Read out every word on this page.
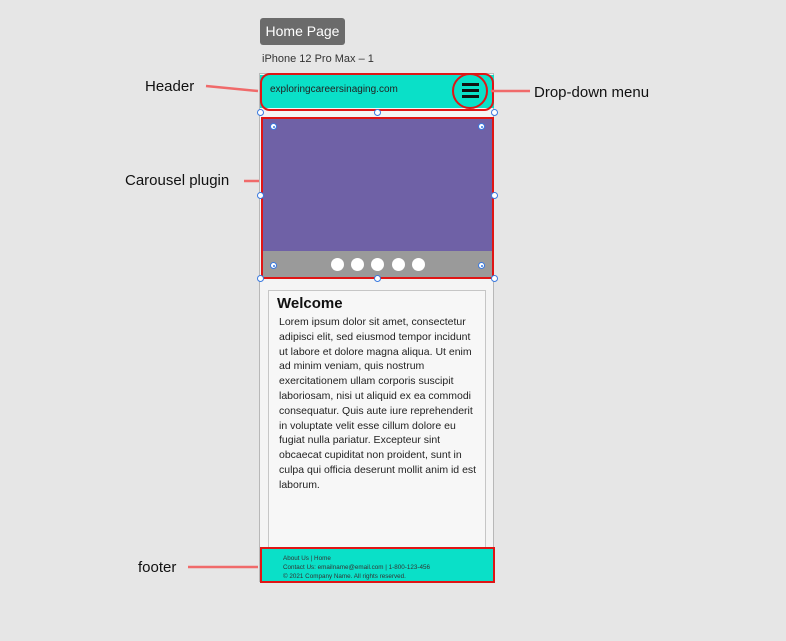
Home Page
iPhone 12 Pro Max – 1
exploringcareersinaging.com
Welcome
Lorem ipsum dolor sit amet, consectetur adipisci elit, sed eiusmod tempor incidunt ut labore et dolore magna aliqua. Ut enim ad minim veniam, quis nostrum exercitationem ullam corporis suscipit laboriosam, nisi ut aliquid ex ea commodi consequatur. Quis aute iure reprehenderit in voluptate velit esse cillum dolore eu fugiat nulla pariatur. Excepteur sint obcaecat cupiditat non proident, sunt in culpa qui officia deserunt mollit anim id est laborum.
About Us | Home
Contact Us: emailname@email.com | 1-800-123-456
© 2021 Company Name. All rights reserved.
Header	Drop-down menu
Carousel plugin
footer
